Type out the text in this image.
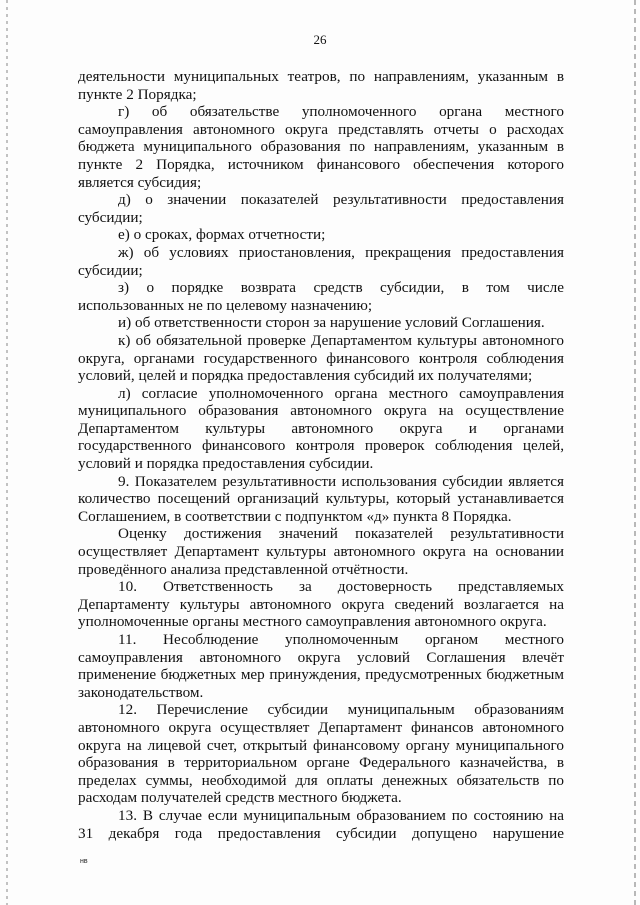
26

деятельности муниципальных театров, по направлениям, указанным в пункте 2 Порядка;

г) об обязательстве уполномоченного органа местного самоуправления автономного округа представлять отчеты о расходах бюджета муниципального образования по направлениям, указанным в пункте 2 Порядка, источником финансового обеспечения которого является субсидия;

д) о значении показателей результативности предоставления субсидии;

е) о сроках, формах отчетности;

ж) об условиях приостановления, прекращения предоставления субсидии;

з) о порядке возврата средств субсидии, в том числе использованных не по целевому назначению;

и) об ответственности сторон за нарушение условий Соглашения.

к) об обязательной проверке Департаментом культуры автономного округа, органами государственного финансового контроля соблюдения условий, целей и порядка предоставления субсидий их получателями;

л) согласие уполномоченного органа местного самоуправления муниципального образования автономного округа на осуществление Департаментом культуры автономного округа и органами государственного финансового контроля проверок соблюдения целей, условий и порядка предоставления субсидии.

9. Показателем результативности использования субсидии является количество посещений организаций культуры, который устанавливается Соглашением, в соответствии с подпунктом «д» пункта 8 Порядка.

Оценку достижения значений показателей результативности осуществляет Департамент культуры автономного округа на основании проведённого анализа представленной отчётности.

10. Ответственность за достоверность представляемых Департаменту культуры автономного округа сведений возлагается на уполномоченные органы местного самоуправления автономного округа.

11. Несоблюдение уполномоченным органом местного самоуправления автономного округа условий Соглашения влечёт применение бюджетных мер принуждения, предусмотренных бюджетным законодательством.

12. Перечисление субсидии муниципальным образованиям автономного округа осуществляет Департамент финансов автономного округа на лицевой счет, открытый финансовому органу муниципального образования в территориальном органе Федерального казначейства, в пределах суммы, необходимой для оплаты денежных обязательств по расходам получателей средств местного бюджета.

13. В случае если муниципальным образованием по состоянию на 31 декабря года предоставления субсидии допущено нарушение

нв
